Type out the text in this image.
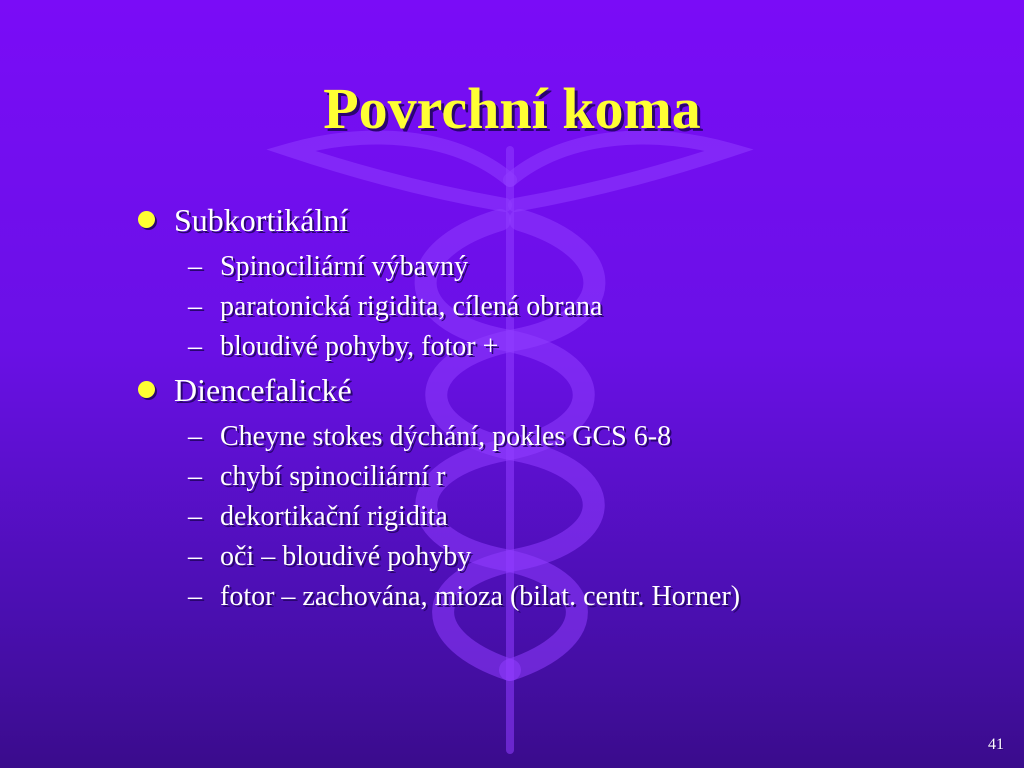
Povrchní koma
Subkortikální
– Spinociliární výbavný
– paratonická rigidita, cílená obrana
– bloudivé pohyby, fotor +
Diencefalické
– Cheyne stokes dýchání, pokles GCS 6-8
– chybí spinociliární r
– dekortikační rigidita
– oči – bloudivé pohyby
– fotor – zachována, mioza (bilat. centr. Horner)
41
